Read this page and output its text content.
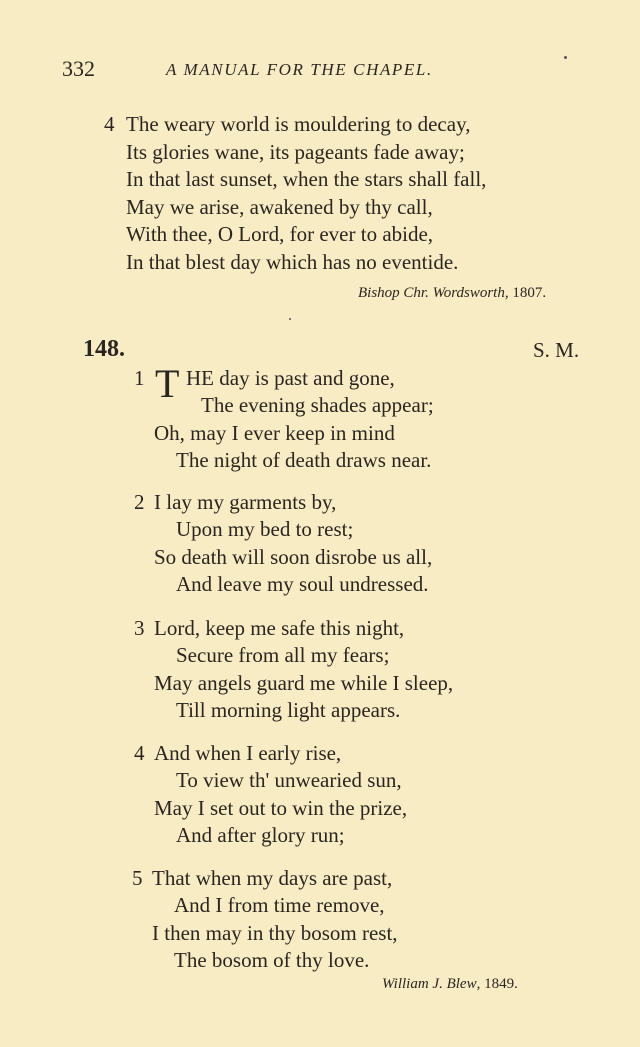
332	A MANUAL FOR THE CHAPEL.
4 The weary world is mouldering to decay,
Its glories wane, its pageants fade away;
In that last sunset, when the stars shall fall,
May we arise, awakened by thy call,
With thee, O Lord, for ever to abide,
In that blest day which has no eventide.
Bishop Chr. Wordsworth, 1807.
148.	S. M.
1 T HE day is past and gone,
The evening shades appear;
Oh, may I ever keep in mind
The night of death draws near.
2 I lay my garments by,
Upon my bed to rest;
So death will soon disrobe us all,
And leave my soul undressed.
3 Lord, keep me safe this night,
Secure from all my fears;
May angels guard me while I sleep,
Till morning light appears.
4 And when I early rise,
To view th' unwearied sun,
May I set out to win the prize,
And after glory run;
5 That when my days are past,
And I from time remove,
I then may in thy bosom rest,
The bosom of thy love.
William J. Blew, 1849.
